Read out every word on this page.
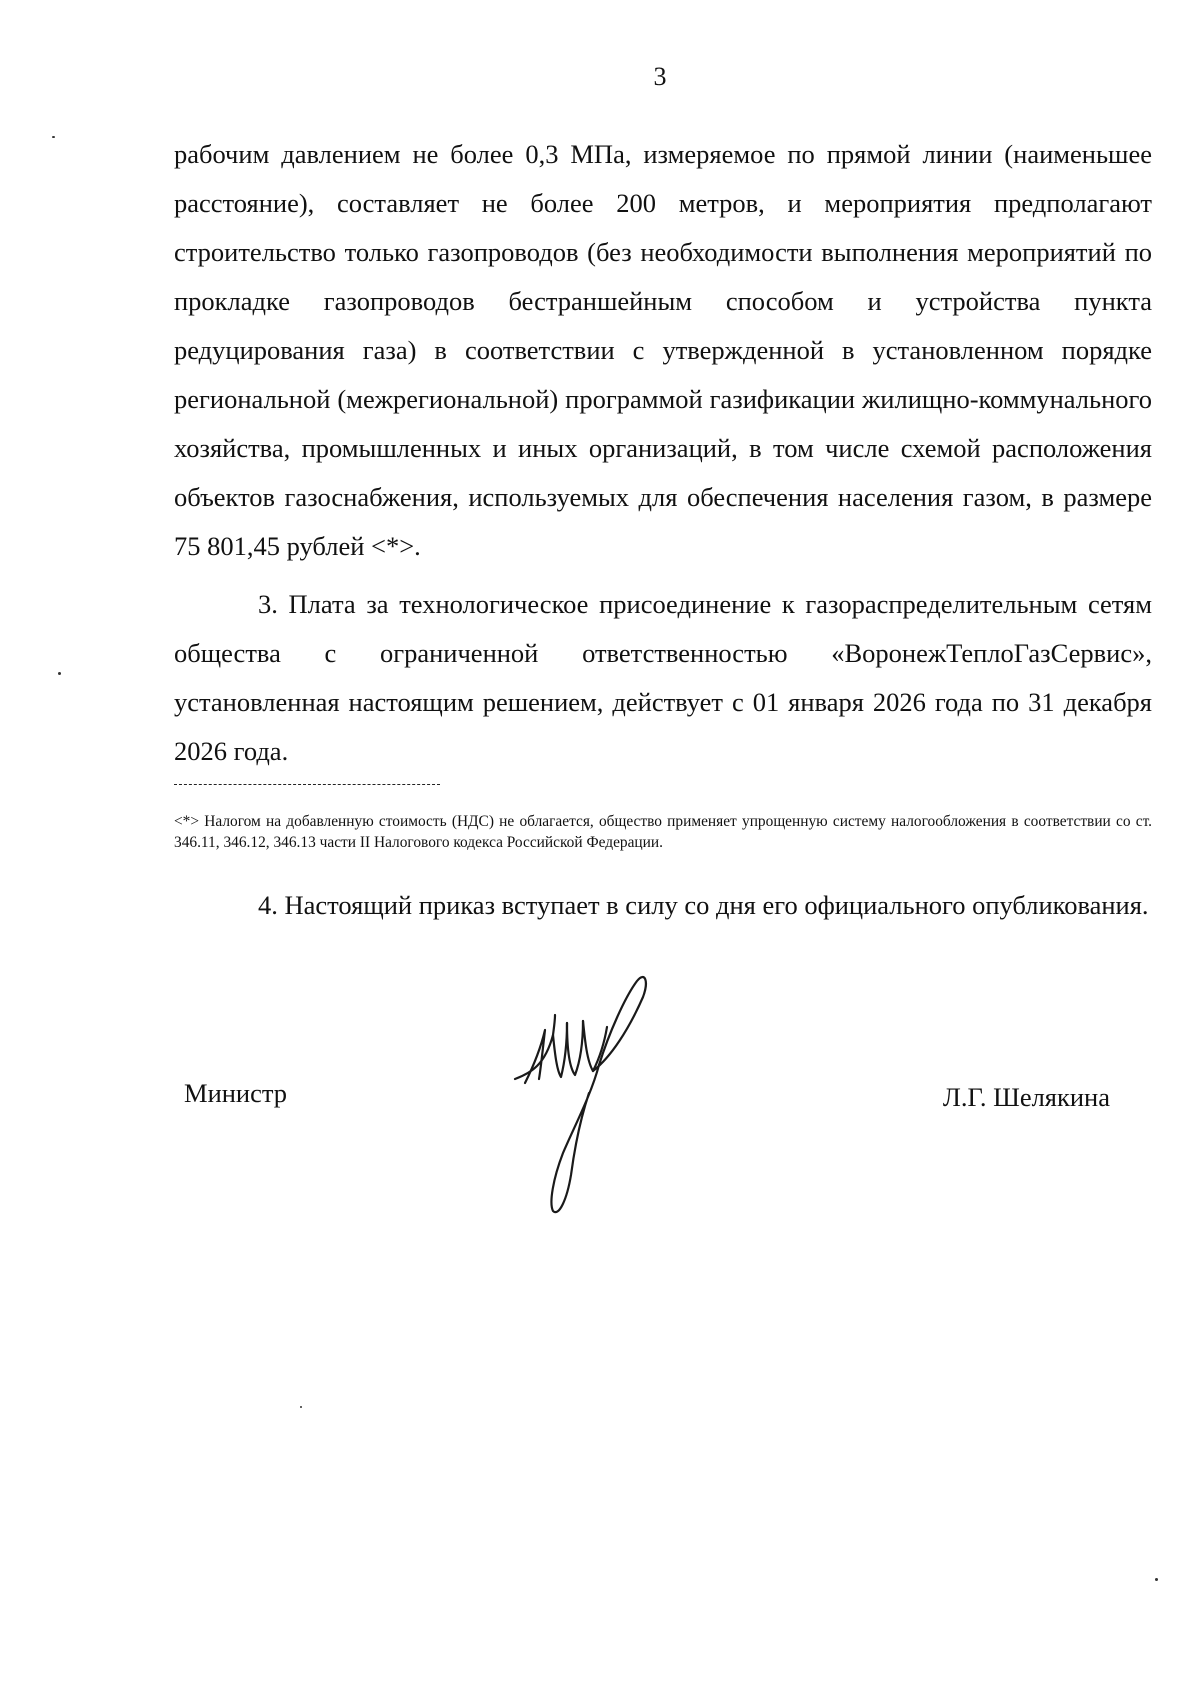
3

рабочим давлением не более 0,3 МПа, измеряемое по прямой линии (наименьшее расстояние), составляет не более 200 метров, и мероприятия предполагают строительство только газопроводов (без необходимости выполнения мероприятий по прокладке газопроводов бестраншейным способом и устройства пункта редуцирования газа) в соответствии с утвержденной в установленном порядке региональной (межрегиональной) программой газификации жилищно-коммунального хозяйства, промышленных и иных организаций, в том числе схемой расположения объектов газоснабжения, используемых для обеспечения населения газом, в размере 75 801,45 рублей <*>.

3. Плата за технологическое присоединение к газораспределительным сетям общества с ограниченной ответственностью «ВоронежТеплоГазСервис», установленная настоящим решением, действует с 01 января 2026 года по 31 декабря 2026 года.

<*> Налогом на добавленную стоимость (НДС) не облагается, общество применяет упрощенную систему налогообложения в соответствии со ст. 346.11, 346.12, 346.13 части II Налогового кодекса Российской Федерации.

4. Настоящий приказ вступает в силу со дня его официального опубликования.

Министр	Л.Г. Шелякина
